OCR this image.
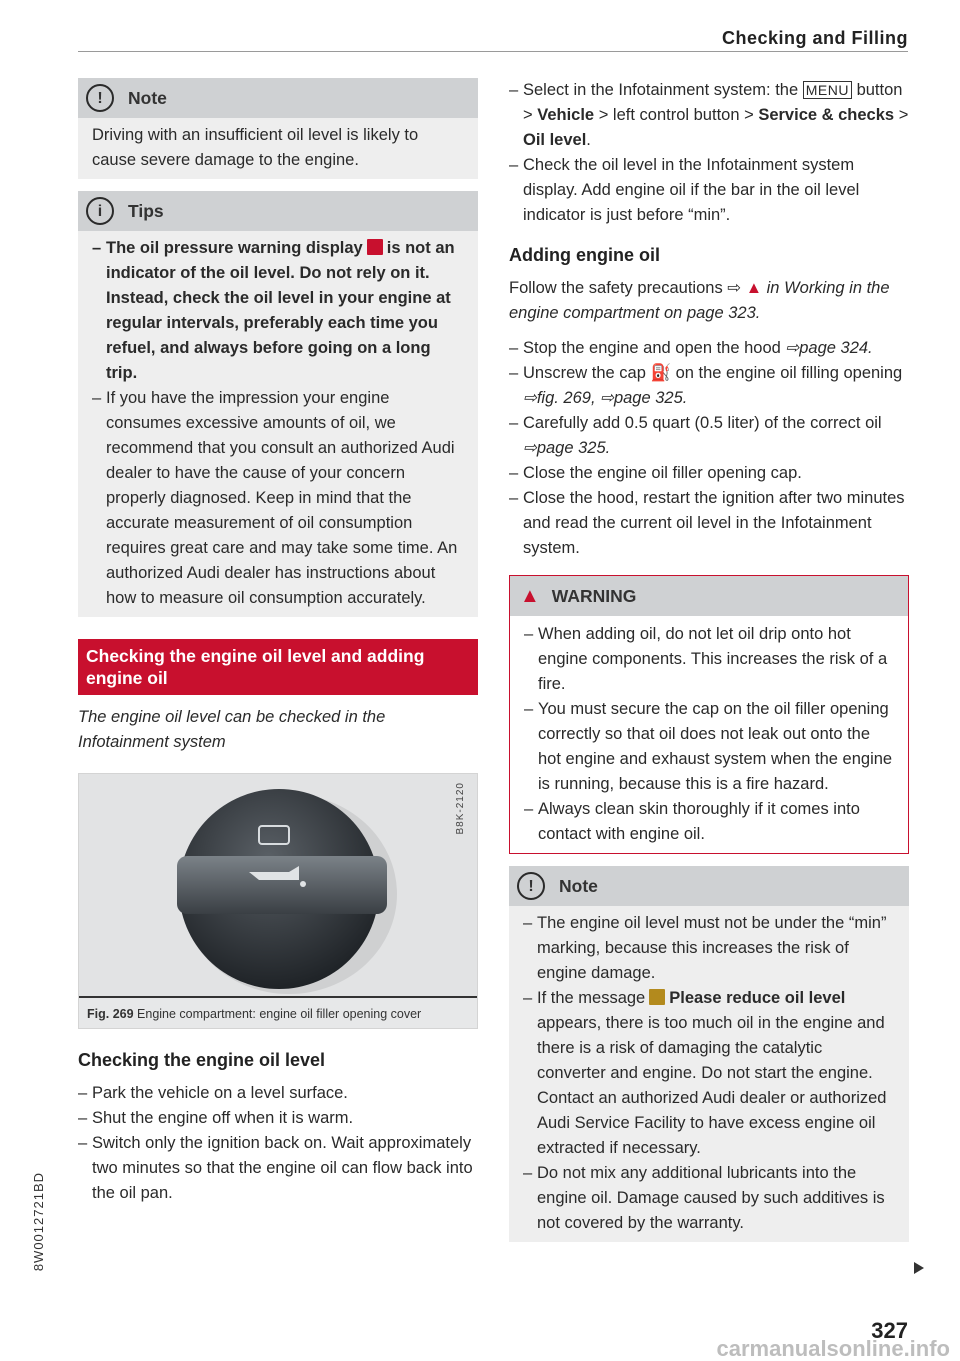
Checking and Filling
!	Note

Driving with an insufficient oil level is likely to cause severe damage to the engine.

i	Tips
– The oil pressure warning display is not an indicator of the oil level. Do not rely on it. Instead, check the oil level in your engine at regular intervals, preferably each time you refuel, and always before going on a long trip.
– If you have the impression your engine consumes excessive amounts of oil, we recommend that you consult an authorized Audi dealer to have the cause of your concern properly diagnosed. Keep in mind that the accurate measurement of oil consumption requires great care and may take some time. An authorized Audi dealer has instructions about how to measure oil consumption accurately.
Checking the engine oil level and adding engine oil
The engine oil level can be checked in the Infotainment system
B8K-2120
Fig. 269 Engine compartment: engine oil filler opening cover
Checking the engine oil level
– Park the vehicle on a level surface.
– Shut the engine off when it is warm.
– Switch only the ignition back on. Wait approximately two minutes so that the engine oil can flow back into the oil pan.
– Select in the Infotainment system: the MENU button > Vehicle > left control button > Service & checks > Oil level.
– Check the oil level in the Infotainment system display. Add engine oil if the bar in the oil level indicator is just before “min”.
Adding engine oil

Follow the safety precautions ⇨ ▲ in Working in the engine compartment on page 323.

– Stop the engine and open the hood ⇨page 324.
– Unscrew the cap ⛽ on the engine oil filling opening ⇨fig. 269, ⇨page 325.
– Carefully add 0.5 quart (0.5 liter) of the correct oil ⇨page 325.
– Close the engine oil filler opening cap.
– Close the hood, restart the ignition after two minutes and read the current oil level in the Infotainment system.
▲ WARNING
– When adding oil, do not let oil drip onto hot engine components. This increases the risk of a fire.
– You must secure the cap on the oil filler opening correctly so that oil does not leak out onto the hot engine and exhaust system when the engine is running, because this is a fire hazard.
– Always clean skin thoroughly if it comes into contact with engine oil.
!	Note
– The engine oil level must not be under the “min” marking, because this increases the risk of engine damage.
– If the message Please reduce oil level appears, there is too much oil in the engine and there is a risk of damaging the catalytic converter and engine. Do not start the engine. Contact an authorized Audi dealer or authorized Audi Service Facility to have excess engine oil extracted if necessary.
– Do not mix any additional lubricants into the engine oil. Damage caused by such additives is not covered by the warranty.
8W0012721BD
327
carmanualsonline.info
